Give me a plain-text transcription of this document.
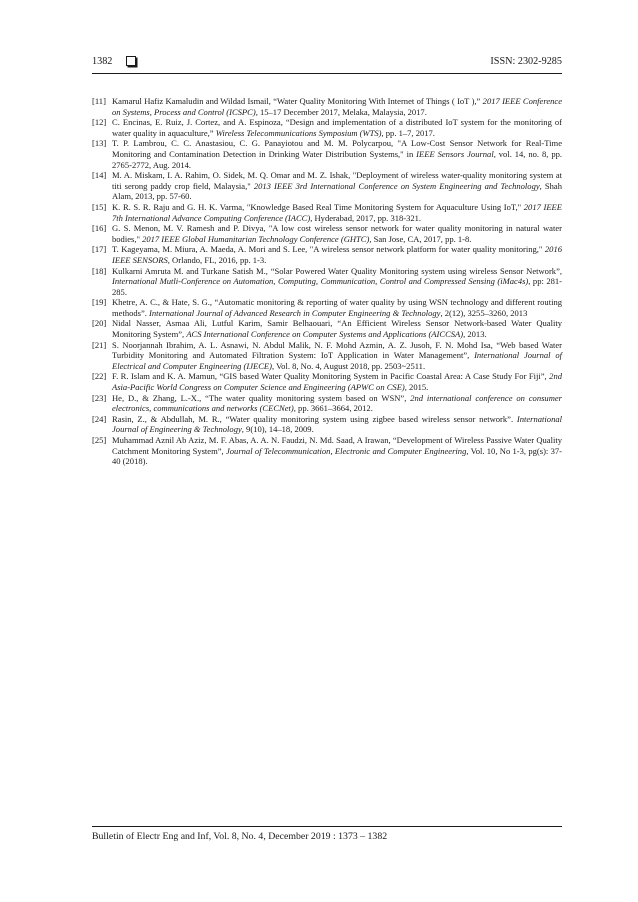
1382	ISSN: 2302-9285
[11] Kamarul Hafiz Kamaludin and Wildad Ismail, “Water Quality Monitoring With Internet of Things ( IoT ),” 2017 IEEE Conference on Systems, Process and Control (ICSPC), 15–17 December 2017, Melaka, Malaysia, 2017.
[12] C. Encinas, E. Ruiz, J. Cortez, and A. Espinoza, “Design and implementation of a distributed IoT system for the monitoring of water quality in aquaculture,” Wireless Telecommunications Symposium (WTS), pp. 1–7, 2017.
[13] T. P. Lambrou, C. C. Anastasiou, C. G. Panayiotou and M. M. Polycarpou, "A Low-Cost Sensor Network for Real-Time Monitoring and Contamination Detection in Drinking Water Distribution Systems," in IEEE Sensors Journal, vol. 14, no. 8, pp. 2765-2772, Aug. 2014.
[14] M. A. Miskam, I. A. Rahim, O. Sidek, M. Q. Omar and M. Z. Ishak, "Deployment of wireless water-quality monitoring system at titi serong paddy crop field, Malaysia," 2013 IEEE 3rd International Conference on System Engineering and Technology, Shah Alam, 2013, pp. 57-60.
[15] K. R. S. R. Raju and G. H. K. Varma, "Knowledge Based Real Time Monitoring System for Aquaculture Using IoT," 2017 IEEE 7th International Advance Computing Conference (IACC), Hyderabad, 2017, pp. 318-321.
[16] G. S. Menon, M. V. Ramesh and P. Divya, "A low cost wireless sensor network for water quality monitoring in natural water bodies," 2017 IEEE Global Humanitarian Technology Conference (GHTC), San Jose, CA, 2017, pp. 1-8.
[17] T. Kageyama, M. Miura, A. Maeda, A. Mori and S. Lee, "A wireless sensor network platform for water quality monitoring," 2016 IEEE SENSORS, Orlando, FL, 2016, pp. 1-3.
[18] Kulkarni Amruta M. and Turkane Satish M., “Solar Powered Water Quality Monitoring system using wireless Sensor Network”, International Mutli-Conference on Automation, Computing, Communication, Control and Compressed Sensing (iMac4s), pp: 281-285.
[19] Khetre, A. C., & Hate, S. G., “Automatic monitoring & reporting of water quality by using WSN technology and different routing methods”. International Journal of Advanced Research in Computer Engineering & Technology, 2(12), 3255–3260, 2013
[20] Nidal Nasser, Asmaa Ali, Lutful Karim, Samir Belhaouari, “An Efficient Wireless Sensor Network-based Water Quality Monitoring System”, ACS International Conference on Computer Systems and Applications (AICCSA), 2013.
[21] S. Noorjannah Ibrahim, A. L. Asnawi, N. Abdul Malik, N. F. Mohd Azmin, A. Z. Jusoh, F. N. Mohd Isa, “Web based Water Turbidity Monitoring and Automated Filtration System: IoT Application in Water Management”, International Journal of Electrical and Computer Engineering (IJECE), Vol. 8, No. 4, August 2018, pp. 2503~2511.
[22] F. R. Islam and K. A. Mamun, “GIS based Water Quality Monitoring System in Pacific Coastal Area: A Case Study For Fiji”, 2nd Asia-Pacific World Congress on Computer Science and Engineering (APWC on CSE), 2015.
[23] He, D., & Zhang, L.-X., “The water quality monitoring system based on WSN”, 2nd international conference on consumer electronics, communications and networks (CECNet), pp. 3661–3664, 2012.
[24] Rasin, Z., & Abdullah, M. R., “Water quality monitoring system using zigbee based wireless sensor network”. International Journal of Engineering & Technology, 9(10), 14–18, 2009.
[25] Muhammad Aznil Ab Aziz, M. F. Abas, A. A. N. Faudzi, N. Md. Saad, A Irawan, “Development of Wireless Passive Water Quality Catchment Monitoring System”, Journal of Telecommunication, Electronic and Computer Engineering, Vol. 10, No 1-3, pg(s): 37-40 (2018).
Bulletin of Electr Eng and Inf, Vol. 8, No. 4, December 2019 : 1373 – 1382
